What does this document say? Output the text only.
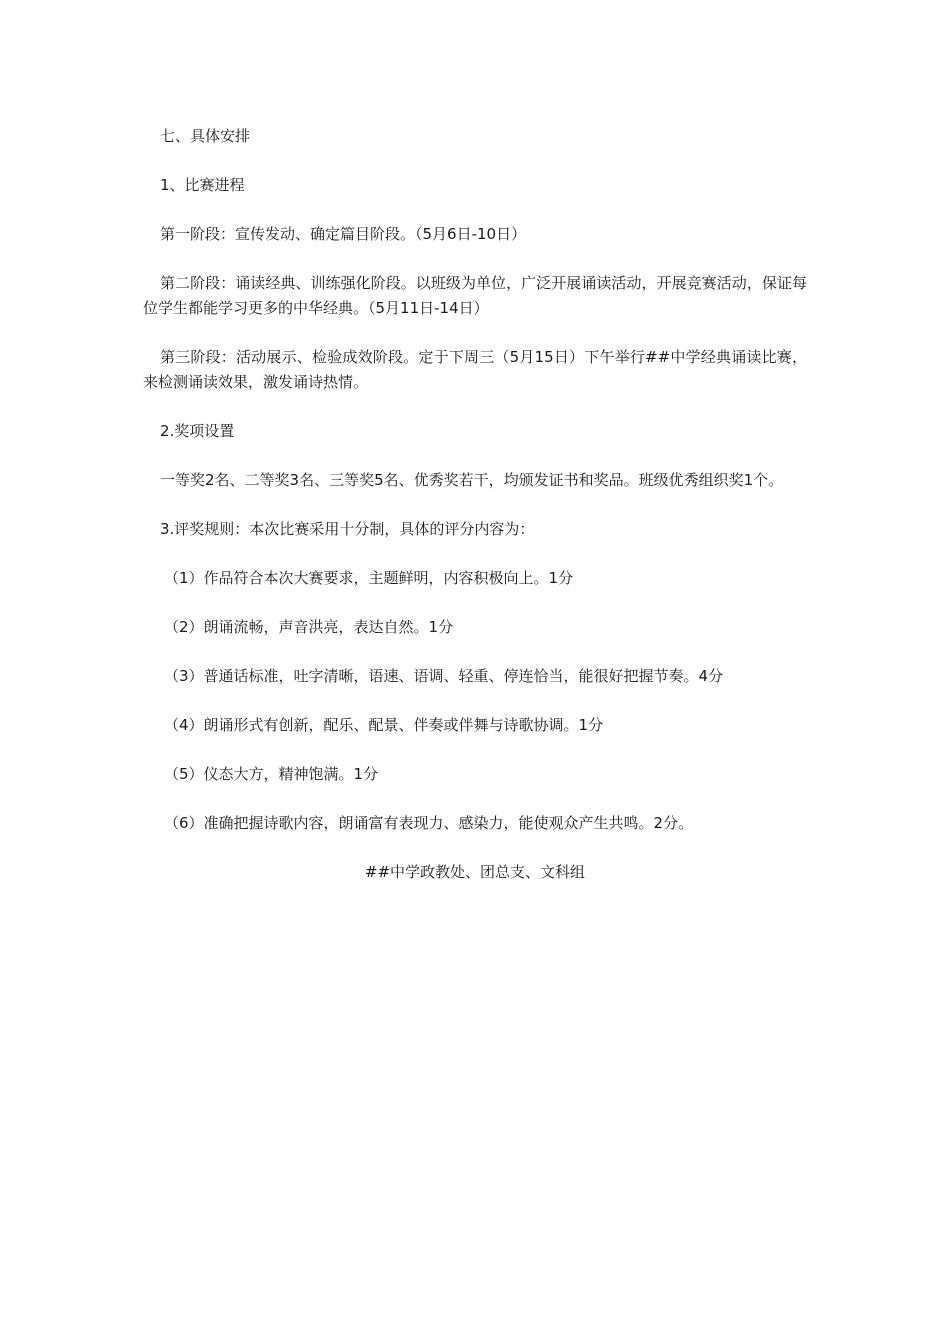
七、具体安排

1、比赛进程

第一阶段：宣传发动、确定篇目阶段。（5月6日-10日）

第二阶段：诵读经典、训练强化阶段。以班级为单位，广泛开展诵读活动，开展竞赛活动，保证每位学生都能学习更多的中华经典。（5月11日-14日）

第三阶段：活动展示、检验成效阶段。定于下周三（5月15日）下午举行##中学经典诵读比赛，来检测诵读效果，激发诵诗热情。

2.奖项设置

一等奖2名、二等奖3名、三等奖5名、优秀奖若干，均颁发证书和奖品。班级优秀组织奖1个。

3.评奖规则：本次比赛采用十分制，具体的评分内容为：

（1）作品符合本次大赛要求，主题鲜明，内容积极向上。1分

（2）朗诵流畅，声音洪亮，表达自然。1分

（3）普通话标准，吐字清晰，语速、语调、轻重、停连恰当，能很好把握节奏。4分

（4）朗诵形式有创新，配乐、配景、伴奏或伴舞与诗歌协调。1分

（5）仪态大方，精神饱满。1分

（6）准确把握诗歌内容，朗诵富有表现力、感染力，能使观众产生共鸣。2分。

##中学政教处、团总支、文科组
